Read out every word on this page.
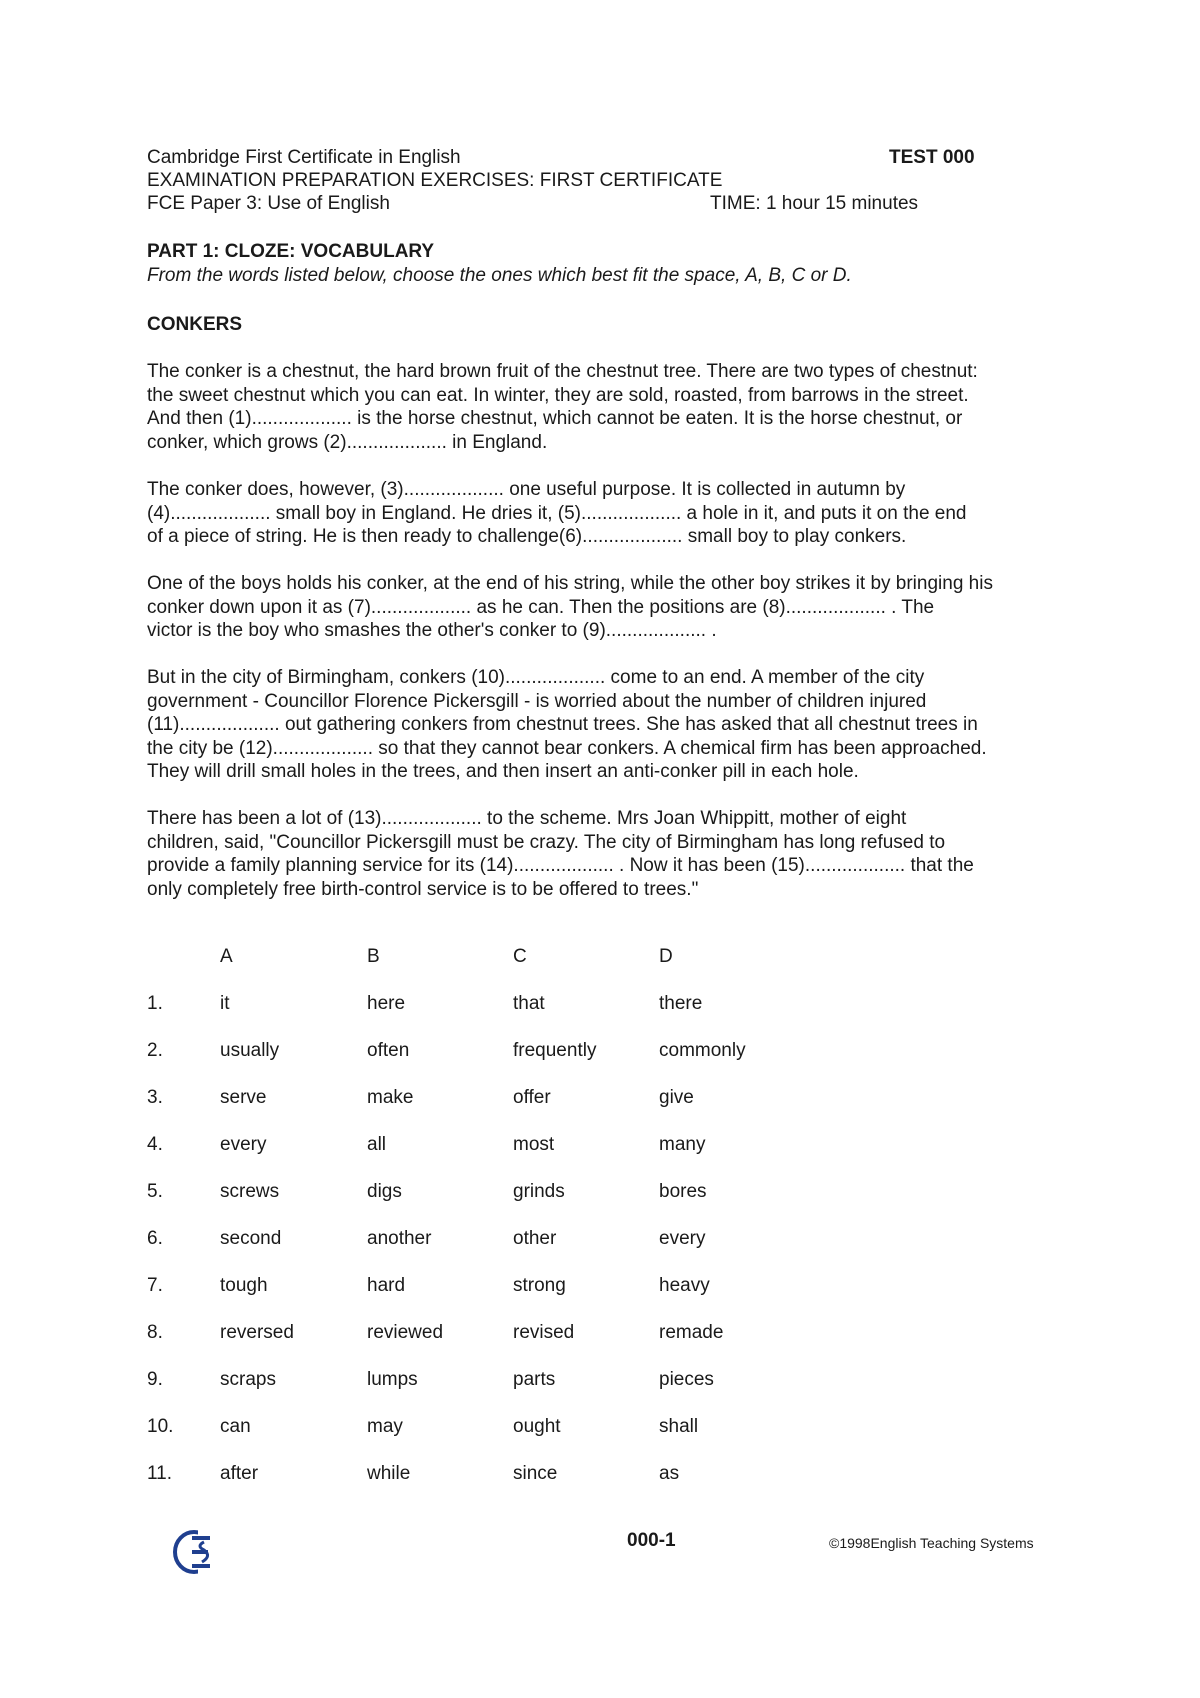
Cambridge First Certificate in English	TEST 000
EXAMINATION PREPARATION EXERCISES: FIRST CERTIFICATE
FCE Paper 3: Use of English	TIME: 1 hour 15 minutes
PART 1: CLOZE: VOCABULARY
From the words listed below, choose the ones which best fit the space, A, B, C or D.
CONKERS
The conker is a chestnut, the hard brown fruit of the chestnut tree. There are two types of chestnut:
the sweet chestnut which you can eat. In winter, they are sold, roasted, from barrows in the street.
And then (1)................... is the horse chestnut, which cannot be eaten. It is the horse chestnut, or
conker, which grows (2)................... in England.
The conker does, however, (3)................... one useful purpose. It is collected in autumn by
(4)................... small boy in England. He dries it, (5)................... a hole in it, and puts it on the end
of a piece of string. He is then ready to challenge(6)................... small boy to play conkers.
One of the boys holds his conker, at the end of his string, while the other boy strikes it by bringing his
conker down upon it as (7)................... as he can. Then the positions are (8)................... . The
victor is the boy who smashes the other's conker to (9)................... .
But in the city of Birmingham, conkers (10)................... come to an end. A member of the city
government - Councillor Florence Pickersgill - is worried about the number of children injured
(11)................... out gathering conkers from chestnut trees. She has asked that all chestnut trees in
the city be (12)................... so that they cannot bear conkers. A chemical firm has been approached.
They will drill small holes in the trees, and then insert an anti-conker pill in each hole.
There has been a lot of (13)................... to the scheme. Mrs Joan Whippitt, mother of eight
children, said, "Councillor Pickersgill must be crazy. The city of Birmingham has long refused to
provide a family planning service for its (14)................... . Now it has been (15)................... that the
only completely free birth-control service is to be offered to trees."
A	B	C	D
1.	it	here	that	there
2.	usually	often	frequently	commonly
3.	serve	make	offer	give
4.	every	all	most	many
5.	screws	digs	grinds	bores
6.	second	another	other	every
7.	tough	hard	strong	heavy
8.	reversed	reviewed	revised	remade
9.	scraps	lumps	parts	pieces
10. can	may	ought	shall
11.	after	while	since	as
000-1	©1998English Teaching Systems
